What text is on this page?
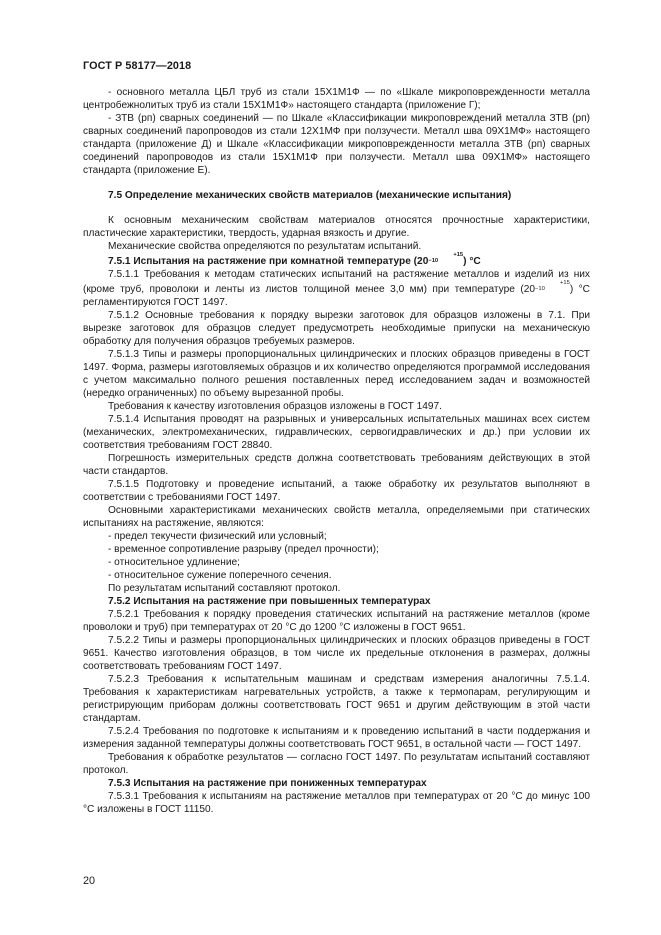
ГОСТ Р 58177—2018

- основного металла ЦБЛ труб из стали 15Х1М1Ф — по «Шкале микроповрежденности металла центробежнолитых труб из стали 15Х1М1Ф» настоящего стандарта (приложение Г);

- ЗТВ (рп) сварных соединений — по Шкале «Классификации микроповреждений металла ЗТВ (рп) сварных соединений паропроводов из стали 12Х1МФ при ползучести. Металл шва 09Х1МФ» настоящего стандарта (приложение Д) и Шкале «Классификации микроповрежденности металла ЗТВ (рп) сварных соединений паропроводов из стали 15Х1М1Ф при ползучести. Металл шва 09Х1МФ» настоящего стандарта (приложение Е).

7.5 Определение механических свойств материалов (механические испытания)

К основным механическим свойствам материалов относятся прочностные характеристики, пластические характеристики, твердость, ударная вязкость и другие.

Механические свойства определяются по результатам испытаний.

7.5.1 Испытания на растяжение при комнатной температуре ($20^{+15 -10}$ ) °С

7.5.1.1 Требования к методам статических испытаний на растяжение металлов и изделий из них (кроме труб, проволоки и ленты из листов толщиной менее 3,0 мм) при температуре ($20^{+15 -10}$ ) °С регламентируются ГОСТ 1497.

7.5.1.2 Основные требования к порядку вырезки заготовок для образцов изложены в 7.1. При вырезке заготовок для образцов следует предусмотреть необходимые припуски на механическую обработку для получения образцов требуемых размеров.

7.5.1.3 Типы и размеры пропорциональных цилиндрических и плоских образцов приведены в ГОСТ 1497. Форма, размеры изготовляемых образцов и их количество определяются программой исследования с учетом максимально полного решения поставленных перед исследованием задач и возможностей (нередко ограниченных) по объему вырезанной пробы.

Требования к качеству изготовления образцов изложены в ГОСТ 1497.

7.5.1.4 Испытания проводят на разрывных и универсальных испытательных машинах всех систем (механических, электромеханических, гидравлических, сервогидравлических и др.) при условии их соответствия требованиям ГОСТ 28840.

Погрешность измерительных средств должна соответствовать требованиям действующих в этой части стандартов.

7.5.1.5 Подготовку и проведение испытаний, а также обработку их результатов выполняют в соответствии с требованиями ГОСТ 1497.

Основными характеристиками механических свойств металла, определяемыми при статических испытаниях на растяжение, являются:

- предел текучести физический или условный;

- временное сопротивление разрыву (предел прочности);

- относительное удлинение;

- относительное сужение поперечного сечения.

По результатам испытаний составляют протокол.

7.5.2 Испытания на растяжение при повышенных температурах

7.5.2.1 Требования к порядку проведения статических испытаний на растяжение металлов (кроме проволоки и труб) при температурах от 20 °С до 1200 °С изложены в ГОСТ 9651.

7.5.2.2 Типы и размеры пропорциональных цилиндрических и плоских образцов приведены в ГОСТ 9651. Качество изготовления образцов, в том числе их предельные отклонения в размерах, должны соответствовать требованиям ГОСТ 1497.

7.5.2.3 Требования к испытательным машинам и средствам измерения аналогичны 7.5.1.4. Требования к характеристикам нагревательных устройств, а также к термопарам, регулирующим и регистрирующим приборам должны соответствовать ГОСТ 9651 и другим действующим в этой части стандартам.

7.5.2.4 Требования по подготовке к испытаниям и к проведению испытаний в части поддержания и измерения заданной температуры должны соответствовать ГОСТ 9651, в остальной части — ГОСТ 1497.

Требования к обработке результатов — согласно ГОСТ 1497. По результатам испытаний составляют протокол.

7.5.3 Испытания на растяжение при пониженных температурах

7.5.3.1 Требования к испытаниям на растяжение металлов при температурах от 20 °С до минус 100 °С изложены в ГОСТ 11150.

20
